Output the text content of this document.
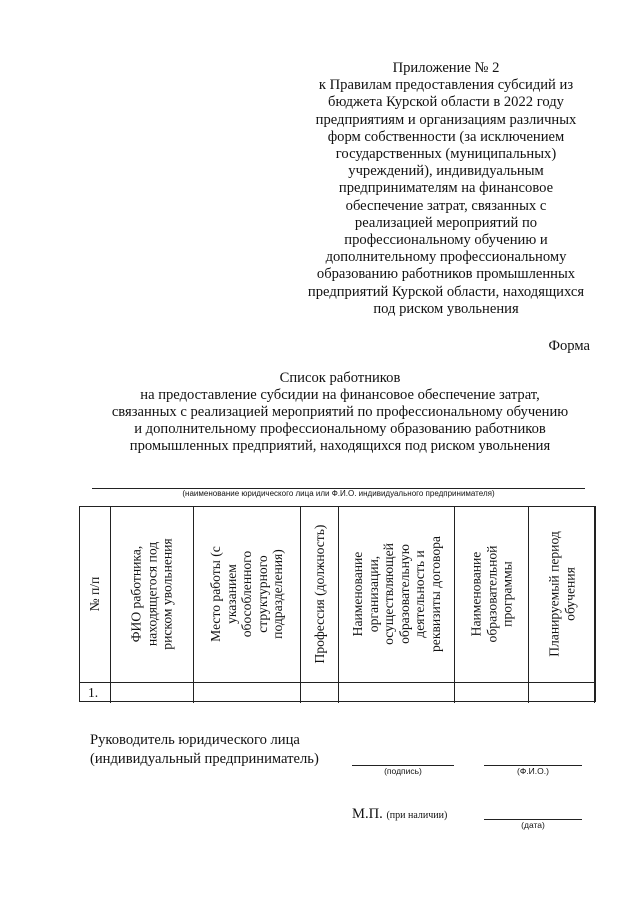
Приложение № 2
к Правилам предоставления субсидий из
бюджета Курской области в 2022 году
предприятиям и организациям различных
форм собственности (за исключением
государственных (муниципальных)
учреждений), индивидуальным
предпринимателям на финансовое
обеспечение затрат, связанных с
реализацией мероприятий по
профессиональному обучению и
дополнительному профессиональному
образованию работников промышленных
предприятий Курской области, находящихся
под риском увольнения
Форма
Список работников
на предоставление субсидии на финансовое обеспечение затрат,
связанных с реализацией мероприятий по профессиональному обучению
и дополнительному профессиональному образованию работников
промышленных предприятий, находящихся под риском увольнения
(наименование юридического лица или Ф.И.О. индивидуального предпринимателя)
№ п/п ФИО работника, находящегося под риском увольнения Место работы (с указанием обособленного структурного подразделения) Профессия (должность) Наименование организации, осуществляющей образовательную деятельность и реквизиты договора Наименование образовательной программы Планируемый период обучения
1.
Руководитель юридического лица
(индивидуальный предприниматель)
(подпись)	(Ф.И.О.)
М.П. (при наличии)
(дата)
